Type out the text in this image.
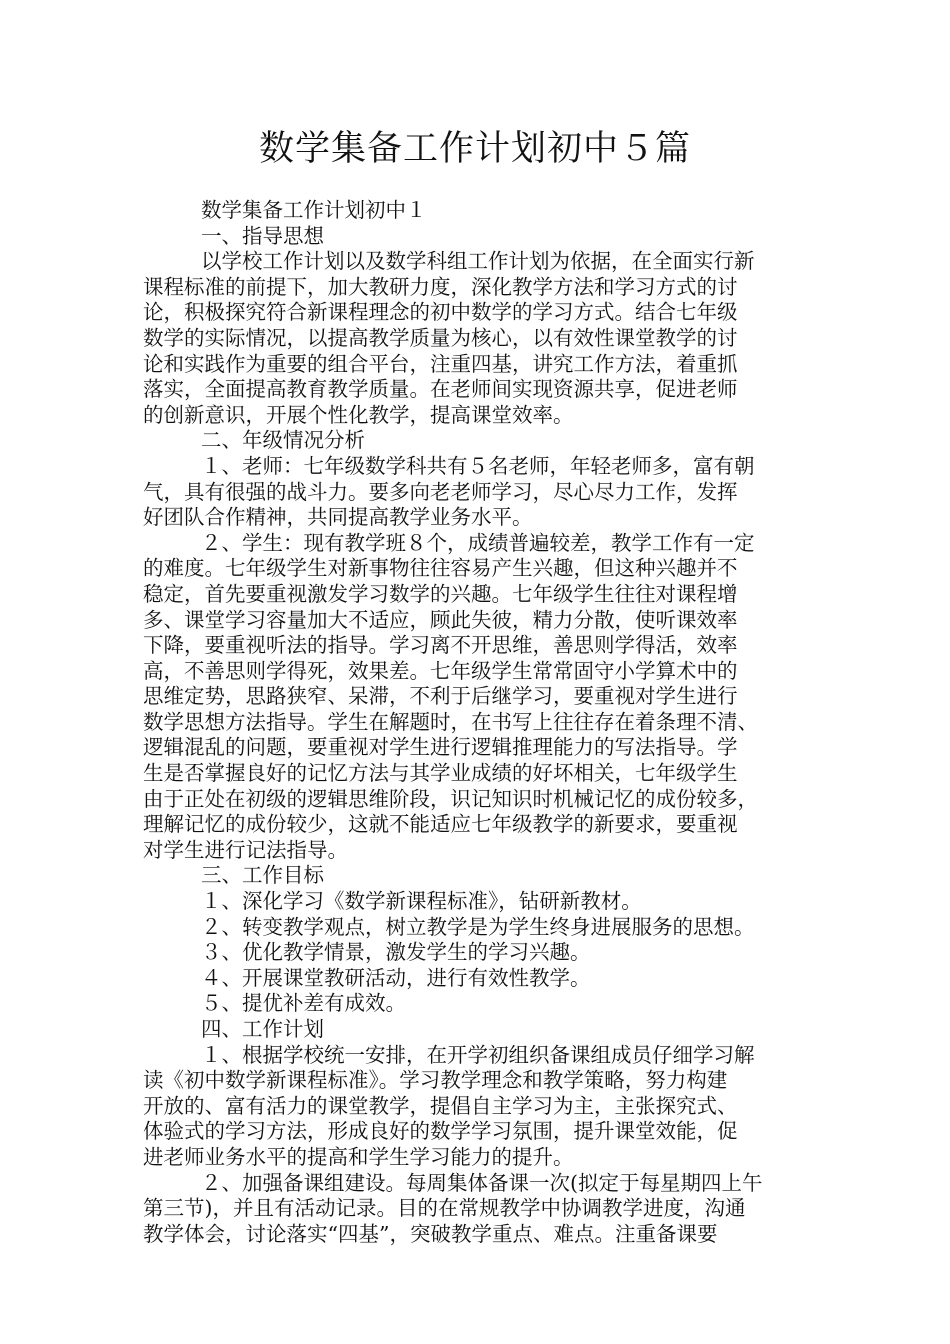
数学集备工作计划初中５篇
数学集备工作计划初中１
一、指导思想
以学校工作计划以及数学科组工作计划为依据，在全面实行新
课程标准的前提下，加大教研力度，深化教学方法和学习方式的讨
论，积极探究符合新课程理念的初中数学的学习方式。结合七年级
数学的实际情况，以提高教学质量为核心，以有效性课堂教学的讨
论和实践作为重要的组合平台，注重四基，讲究工作方法，着重抓
落实，全面提高教育教学质量。在老师间实现资源共享，促进老师
的创新意识，开展个性化教学，提高课堂效率。
二、年级情况分析
１、老师：七年级数学科共有５名老师，年轻老师多，富有朝
气，具有很强的战斗力。要多向老老师学习，尽心尽力工作，发挥
好团队合作精神，共同提高教学业务水平。
２、学生：现有教学班８个，成绩普遍较差，教学工作有一定
的难度。七年级学生对新事物往往容易产生兴趣，但这种兴趣并不
稳定，首先要重视激发学习数学的兴趣。七年级学生往往对课程增
多、课堂学习容量加大不适应，顾此失彼，精力分散，使听课效率
下降，要重视听法的指导。学习离不开思维，善思则学得活，效率
高，不善思则学得死，效果差。七年级学生常常固守小学算术中的
思维定势，思路狭窄、呆滞，不利于后继学习，要重视对学生进行
数学思想方法指导。学生在解题时，在书写上往往存在着条理不清、
逻辑混乱的问题，要重视对学生进行逻辑推理能力的写法指导。学
生是否掌握良好的记忆方法与其学业成绩的好坏相关，七年级学生
由于正处在初级的逻辑思维阶段，识记知识时机械记忆的成份较多，
理解记忆的成份较少，这就不能适应七年级教学的新要求，要重视
对学生进行记法指导。
三、工作目标
１、深化学习《数学新课程标准》，钻研新教材。
２、转变教学观点，树立教学是为学生终身进展服务的思想。
３、优化教学情景，激发学生的学习兴趣。
４、开展课堂教研活动，进行有效性教学。
５、提优补差有成效。
四、工作计划
１、根据学校统一安排，在开学初组织备课组成员仔细学习解
读《初中数学新课程标准》。学习教学理念和教学策略，努力构建
开放的、富有活力的课堂教学，提倡自主学习为主，主张探究式、
体验式的学习方法，形成良好的数学学习氛围，提升课堂效能，促
进老师业务水平的提高和学生学习能力的提升。
２、加强备课组建设。每周集体备课一次(拟定于每星期四上午
第三节)，并且有活动记录。目的在常规教学中协调教学进度，沟通
教学体会，讨论落实“四基”，突破教学重点、难点。注重备课要
